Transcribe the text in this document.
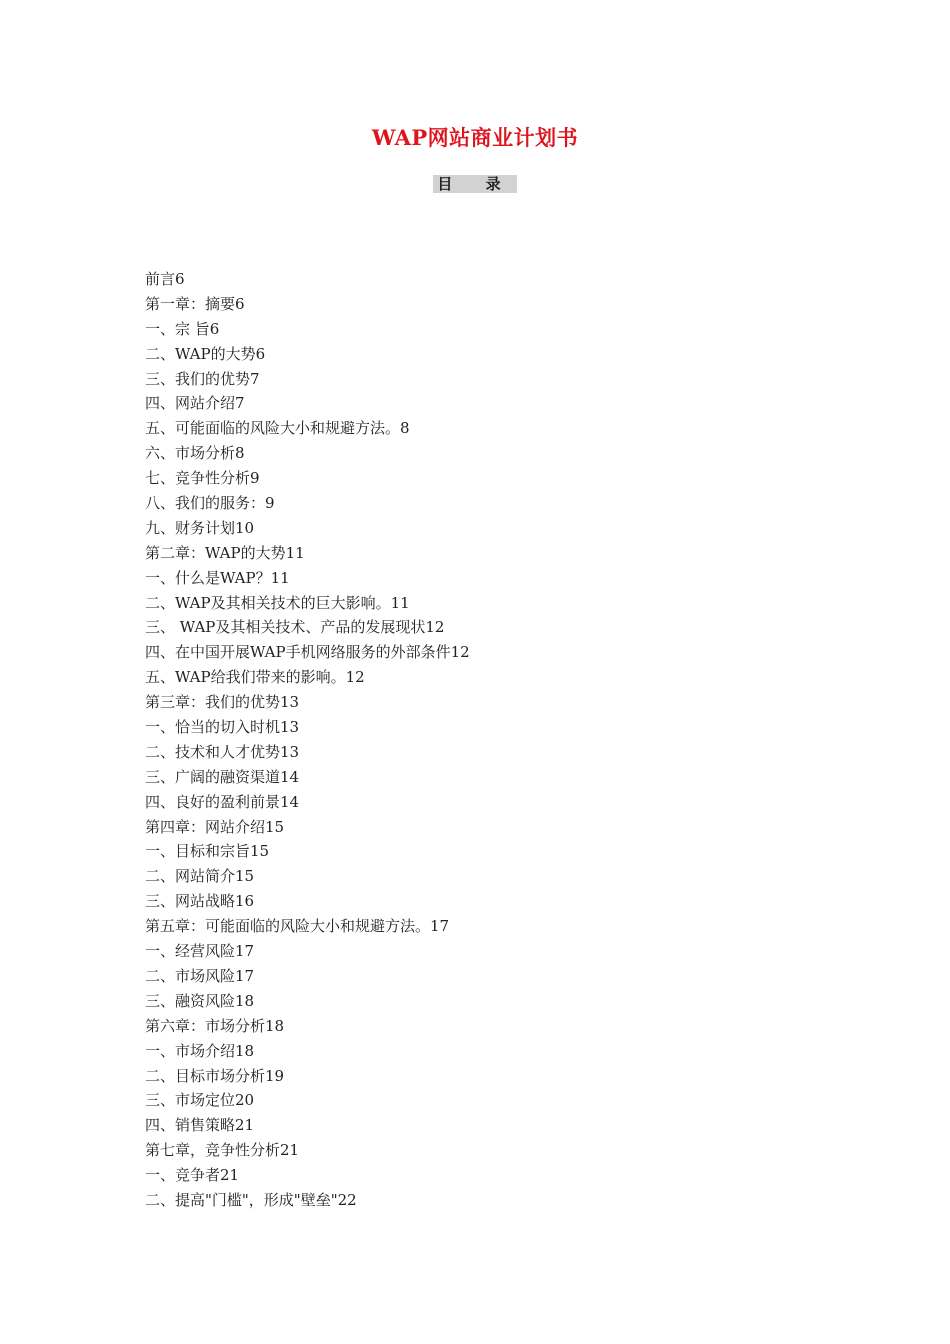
WAP网站商业计划书
目 录
前言6
第一章：摘要6
一、宗 旨6
二、WAP的大势6
三、我们的优势7
四、网站介绍7
五、可能面临的风险大小和规避方法。8
六、市场分析8
七、竞争性分析9
八、我们的服务：9
九、财务计划10
第二章：WAP的大势11
一、什么是WAP？11
二、WAP及其相关技术的巨大影响。11
三、 WAP及其相关技术、产品的发展现状12
四、在中国开展WAP手机网络服务的外部条件12
五、WAP给我们带来的影响。12
第三章：我们的优势13
一、恰当的切入时机13
二、技术和人才优势13
三、广阔的融资渠道14
四、良好的盈利前景14
第四章：网站介绍15
一、目标和宗旨15
二、网站简介15
三、网站战略16
第五章：可能面临的风险大小和规避方法。17
一、经营风险17
二、市场风险17
三、融资风险18
第六章：市场分析18
一、市场介绍18
二、目标市场分析19
三、市场定位20
四、销售策略21
第七章，竞争性分析21
一、竞争者21
二、提高"门槛"，形成"壁垒"22
